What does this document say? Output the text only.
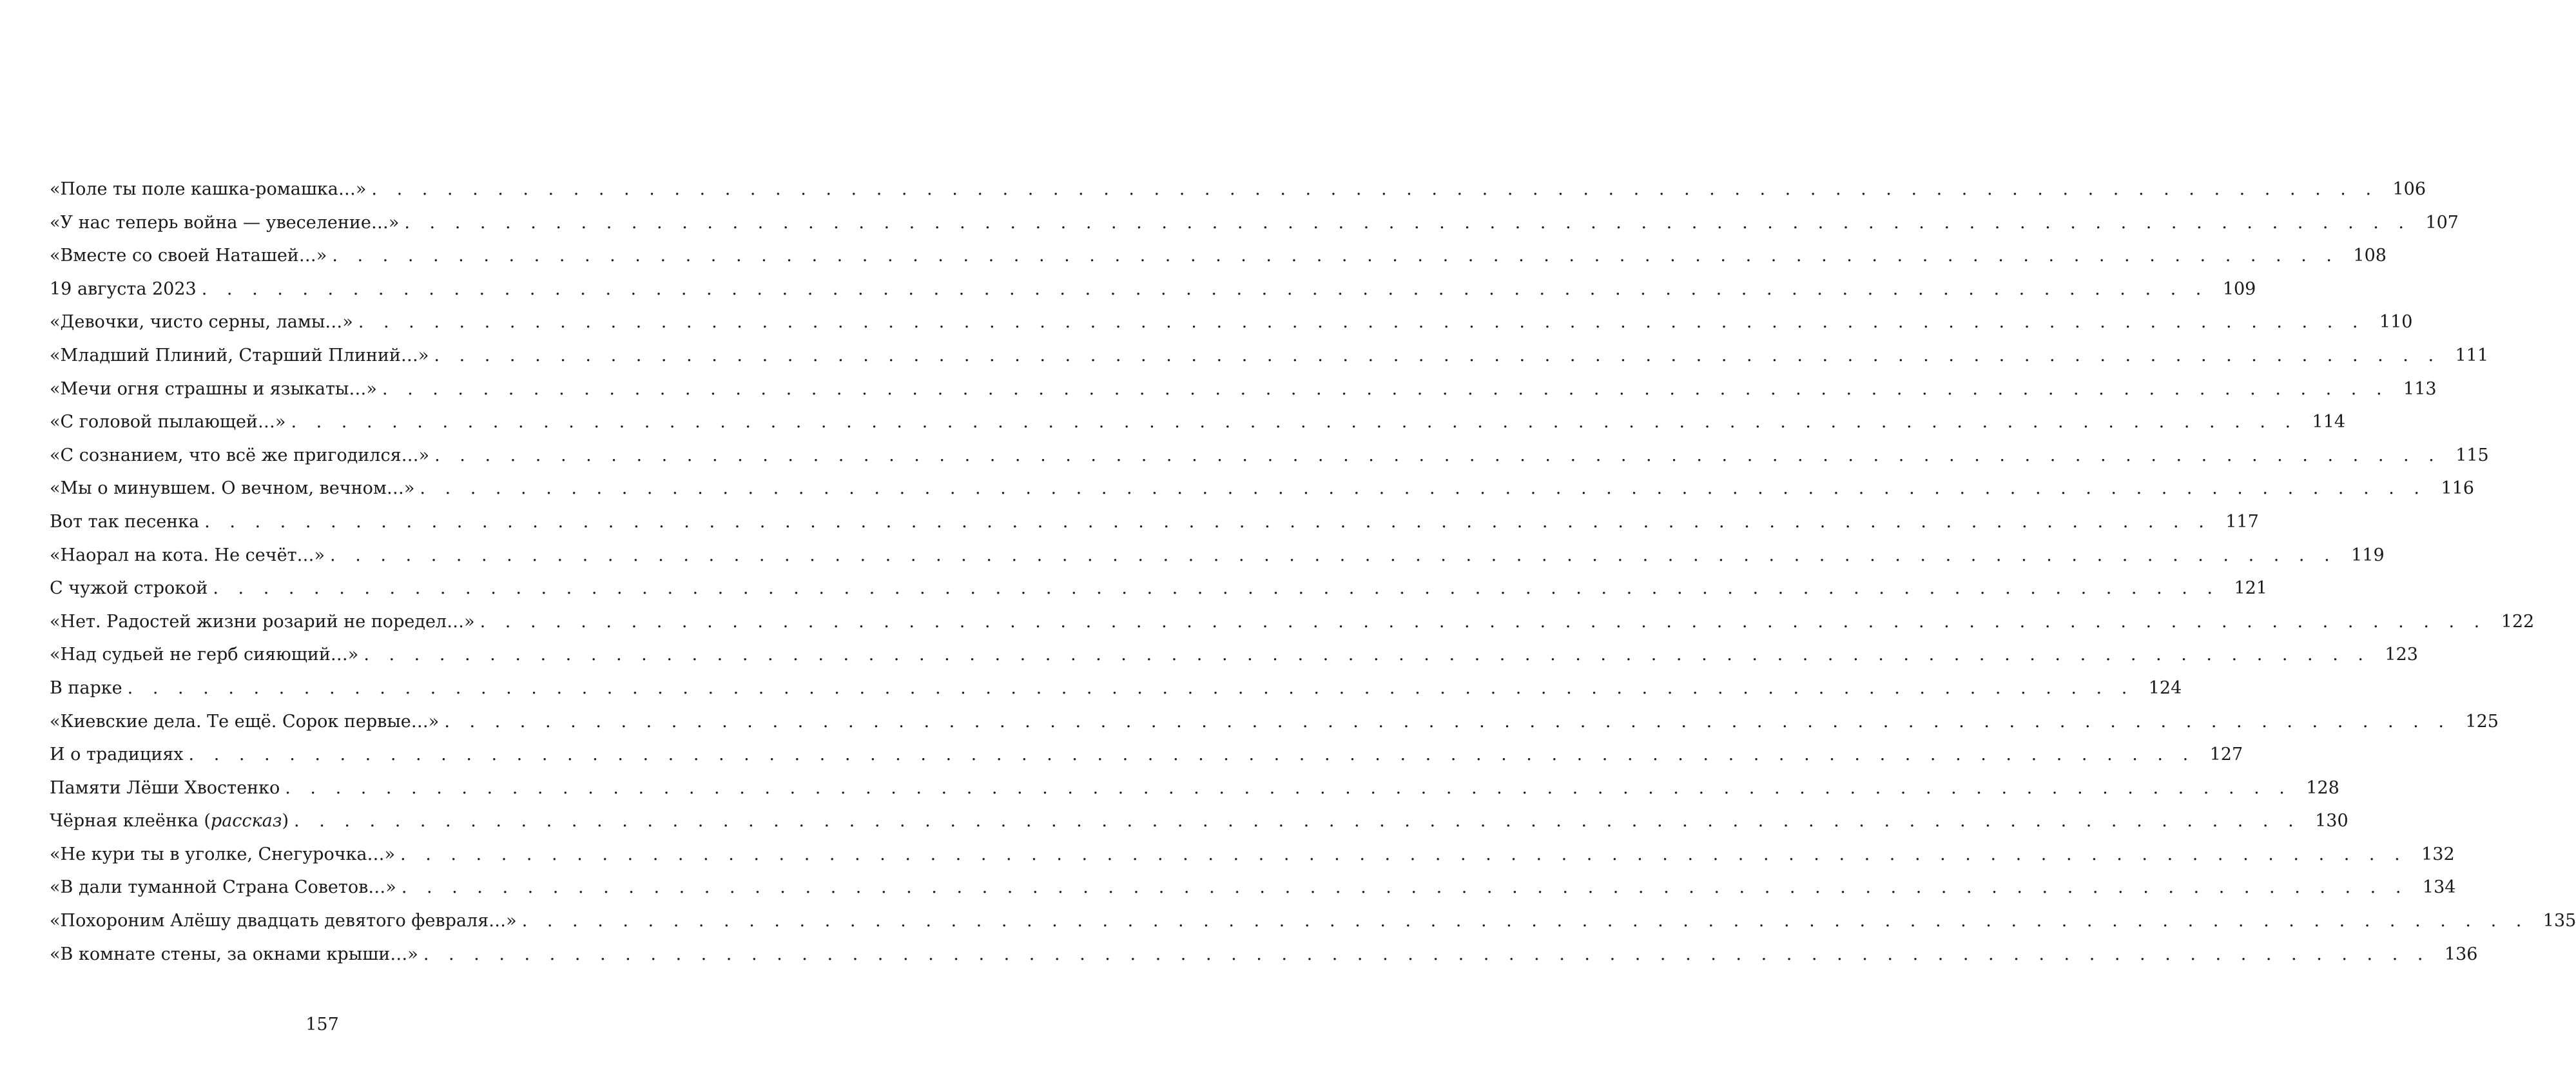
«Поле ты поле кашка-ромашка…» . . . . . . . . . . . . . . . . . . . . . . . . . . . . . . . . . . . . . . . . . . . . . . . . . . . . . . . . . . . . . . . . . . . . . . . . . . . . . . . . 106
«У нас теперь война — увеселение…» . . . . . . . . . . . . . . . . . . . . . . . . . . . . . . . . . . . . . . . . . . . . . . . . . . . . . . . . . . . . . . . . . . . . . . . . . . . . . . . . 107
«Вместе со своей Наташей…» . . . . . . . . . . . . . . . . . . . . . . . . . . . . . . . . . . . . . . . . . . . . . . . . . . . . . . . . . . . . . . . . . . . . . . . . . . . . . . . . 108
19 августа 2023 . . . . . . . . . . . . . . . . . . . . . . . . . . . . . . . . . . . . . . . . . . . . . . . . . . . . . . . . . . . . . . . . . . . . . . . . . . . . . . . . 109
«Девочки, чисто серны, ламы…» . . . . . . . . . . . . . . . . . . . . . . . . . . . . . . . . . . . . . . . . . . . . . . . . . . . . . . . . . . . . . . . . . . . . . . . . . . . . . . . . 110
«Младший Плиний, Старший Плиний…» . . . . . . . . . . . . . . . . . . . . . . . . . . . . . . . . . . . . . . . . . . . . . . . . . . . . . . . . . . . . . . . . . . . . . . . . . . . . . . . . 111
«Мечи огня страшны и языкаты…» . . . . . . . . . . . . . . . . . . . . . . . . . . . . . . . . . . . . . . . . . . . . . . . . . . . . . . . . . . . . . . . . . . . . . . . . . . . . . . . . 113
«С головой пылающей…» . . . . . . . . . . . . . . . . . . . . . . . . . . . . . . . . . . . . . . . . . . . . . . . . . . . . . . . . . . . . . . . . . . . . . . . . . . . . . . . . 114
«С сознанием, что всё же пригодился…» . . . . . . . . . . . . . . . . . . . . . . . . . . . . . . . . . . . . . . . . . . . . . . . . . . . . . . . . . . . . . . . . . . . . . . . . . . . . . . . . 115
«Мы о минувшем. О вечном, вечном…» . . . . . . . . . . . . . . . . . . . . . . . . . . . . . . . . . . . . . . . . . . . . . . . . . . . . . . . . . . . . . . . . . . . . . . . . . . . . . . . . 116
Вот так песенка . . . . . . . . . . . . . . . . . . . . . . . . . . . . . . . . . . . . . . . . . . . . . . . . . . . . . . . . . . . . . . . . . . . . . . . . . . . . . . . . 117
«Наорал на кота. Не сечёт…» . . . . . . . . . . . . . . . . . . . . . . . . . . . . . . . . . . . . . . . . . . . . . . . . . . . . . . . . . . . . . . . . . . . . . . . . . . . . . . . . 119
С чужой строкой . . . . . . . . . . . . . . . . . . . . . . . . . . . . . . . . . . . . . . . . . . . . . . . . . . . . . . . . . . . . . . . . . . . . . . . . . . . . . . . . 121
«Нет. Радостей жизни розарий не поредел…» . . . . . . . . . . . . . . . . . . . . . . . . . . . . . . . . . . . . . . . . . . . . . . . . . . . . . . . . . . . . . . . . . . . . . . . . . . . . . . . . 122
«Над судьей не герб сияющий…» . . . . . . . . . . . . . . . . . . . . . . . . . . . . . . . . . . . . . . . . . . . . . . . . . . . . . . . . . . . . . . . . . . . . . . . . . . . . . . . . 123
В парке . . . . . . . . . . . . . . . . . . . . . . . . . . . . . . . . . . . . . . . . . . . . . . . . . . . . . . . . . . . . . . . . . . . . . . . . . . . . . . . . 124
«Киевские дела. Те ещё. Сорок первые…» . . . . . . . . . . . . . . . . . . . . . . . . . . . . . . . . . . . . . . . . . . . . . . . . . . . . . . . . . . . . . . . . . . . . . . . . . . . . . . . . 125
И о традициях . . . . . . . . . . . . . . . . . . . . . . . . . . . . . . . . . . . . . . . . . . . . . . . . . . . . . . . . . . . . . . . . . . . . . . . . . . . . . . . . 127
Памяти Лёши Хвостенко . . . . . . . . . . . . . . . . . . . . . . . . . . . . . . . . . . . . . . . . . . . . . . . . . . . . . . . . . . . . . . . . . . . . . . . . . . . . . . . . 128
Чёрная клеёнка (рассказ) . . . . . . . . . . . . . . . . . . . . . . . . . . . . . . . . . . . . . . . . . . . . . . . . . . . . . . . . . . . . . . . . . . . . . . . . . . . . . . . . 130
«Не кури ты в уголке, Снегурочка…» . . . . . . . . . . . . . . . . . . . . . . . . . . . . . . . . . . . . . . . . . . . . . . . . . . . . . . . . . . . . . . . . . . . . . . . . . . . . . . . . 132
«В дали туманной Страна Советов…» . . . . . . . . . . . . . . . . . . . . . . . . . . . . . . . . . . . . . . . . . . . . . . . . . . . . . . . . . . . . . . . . . . . . . . . . . . . . . . . . 134
«Похороним Алёшу двадцать девятого февраля…» . . . . . . . . . . . . . . . . . . . . . . . . . . . . . . . . . . . . . . . . . . . . . . . . . . . . . . . . . . . . . . . . . . . . . . . . . . . . . . . . 135
«В комнате стены, за окнами крыши…» . . . . . . . . . . . . . . . . . . . . . . . . . . . . . . . . . . . . . . . . . . . . . . . . . . . . . . . . . . . . . . . . . . . . . . . . . . . . . . . . 136
157
